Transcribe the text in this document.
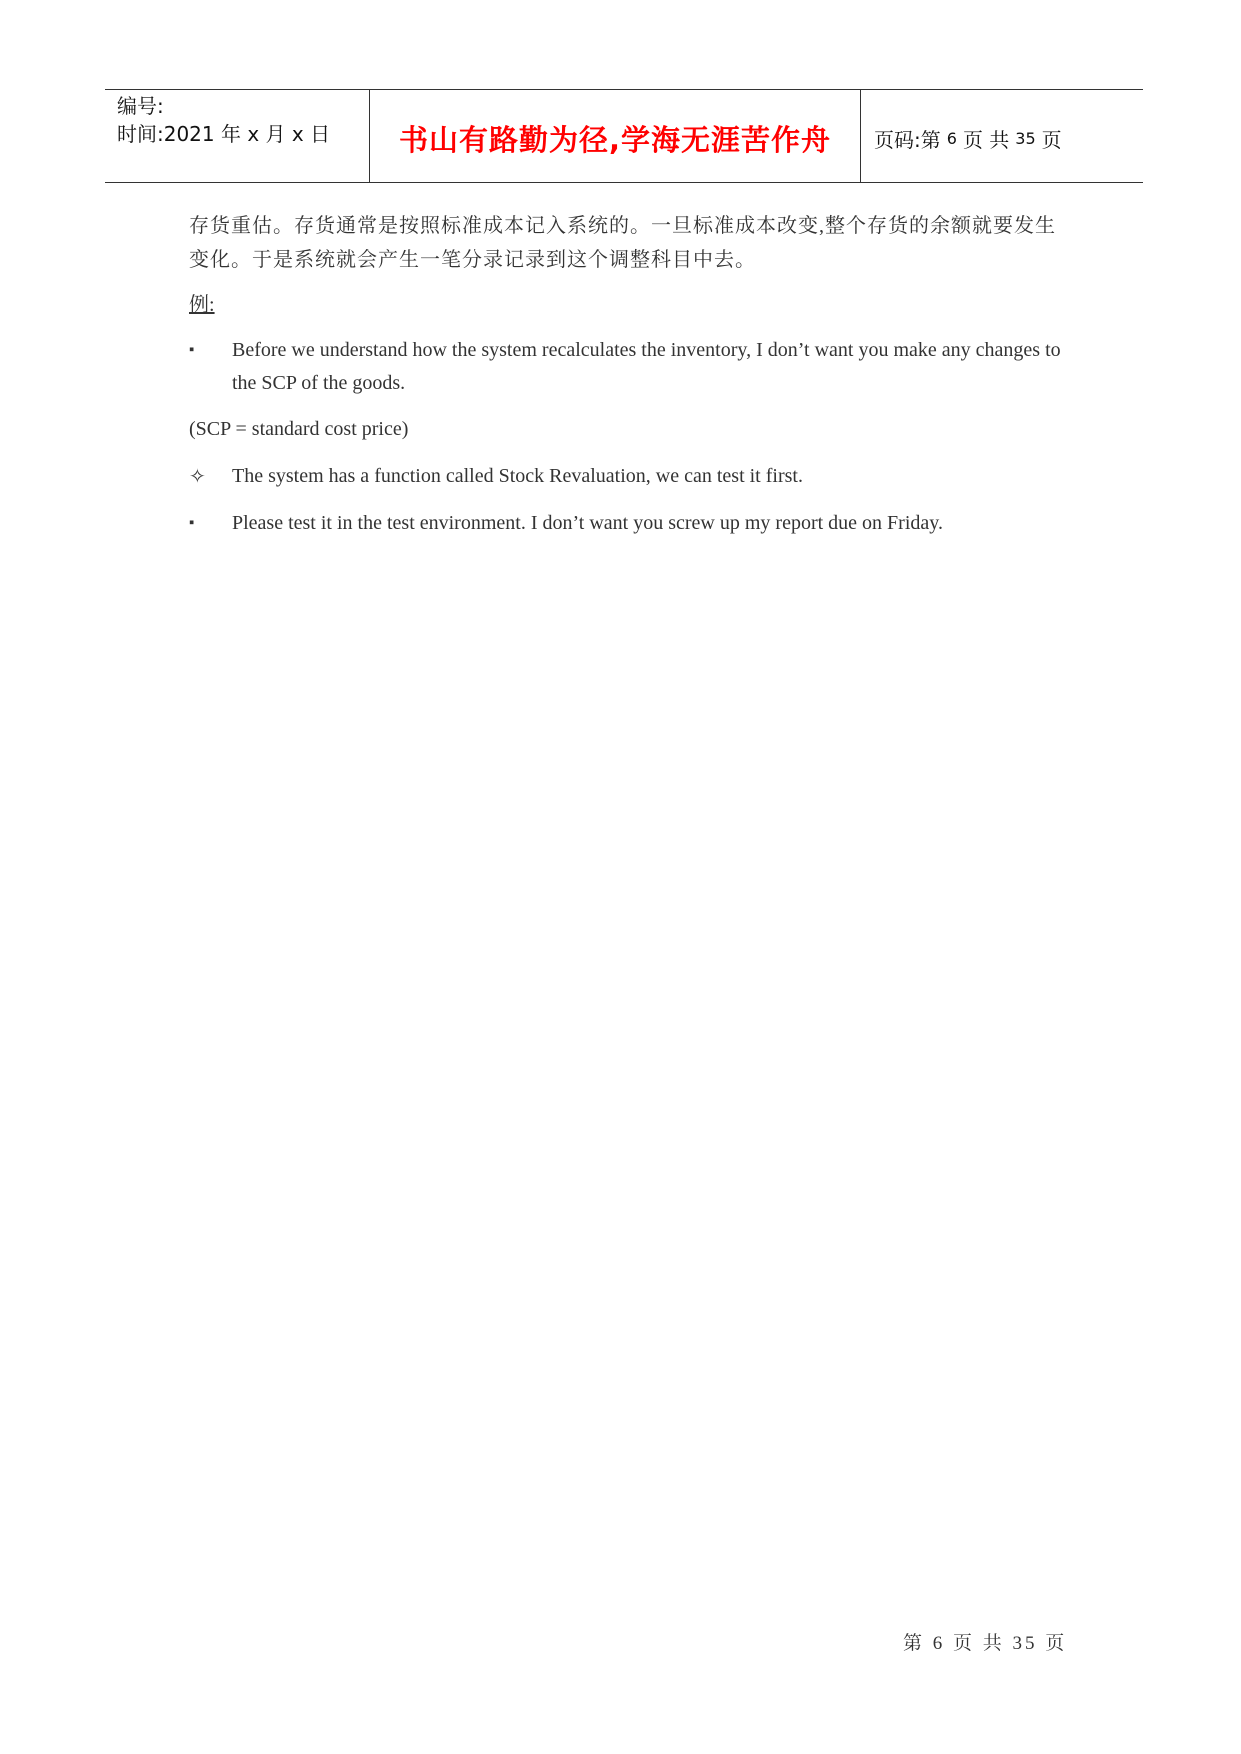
编号:
时间:2021 年 x 月 x 日	书山有路勤为径,学海无涯苦作舟	页码:第 6 页 共 35 页

存货重估。存货通常是按照标准成本记入系统的。一旦标准成本改变,整个存货的余额就要发生变化。于是系统就会产生一笔分录记录到这个调整科目中去。

例:
▪	Before we understand how the system recalculates the inventory, I don’t want you make any changes to the SCP of the goods.
(SCP = standard cost price)
✧ The system has a function called Stock Revaluation, we can test it first.
▪	Please test it in the test environment. I don’t want you screw up my report due on Friday.
第 6 页 共 35 页
